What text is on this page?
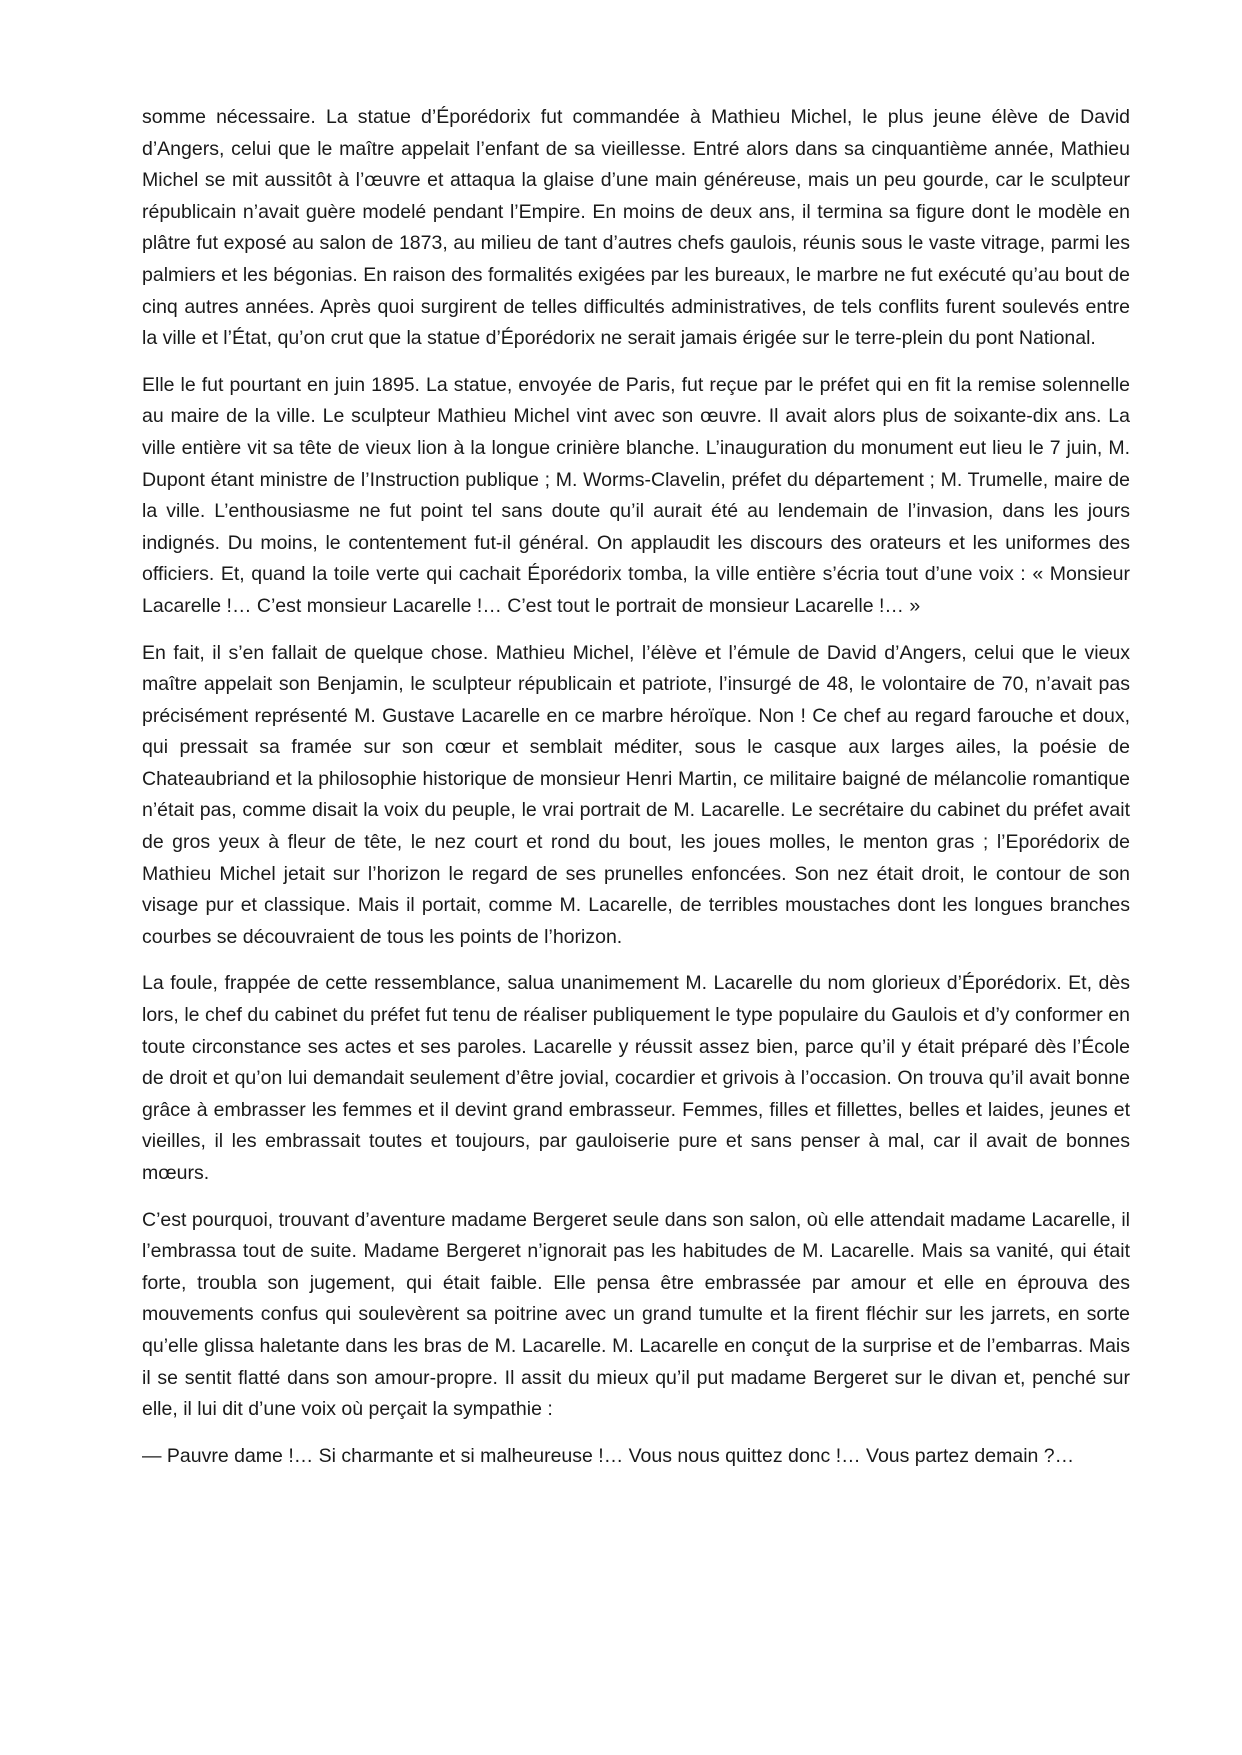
somme nécessaire. La statue d’Éporédorix fut commandée à Mathieu Michel, le plus jeune élève de David d’Angers, celui que le maître appelait l’enfant de sa vieillesse. Entré alors dans sa cinquantième année, Mathieu Michel se mit aussitôt à l’œuvre et attaqua la glaise d’une main généreuse, mais un peu gourde, car le sculpteur républicain n’avait guère modelé pendant l’Empire. En moins de deux ans, il termina sa figure dont le modèle en plâtre fut exposé au salon de 1873, au milieu de tant d’autres chefs gaulois, réunis sous le vaste vitrage, parmi les palmiers et les bégonias. En raison des formalités exigées par les bureaux, le marbre ne fut exécuté qu’au bout de cinq autres années. Après quoi surgirent de telles difficultés administratives, de tels conflits furent soulevés entre la ville et l’État, qu’on crut que la statue d’Éporédorix ne serait jamais érigée sur le terre-plein du pont National.

Elle le fut pourtant en juin 1895. La statue, envoyée de Paris, fut reçue par le préfet qui en fit la remise solennelle au maire de la ville. Le sculpteur Mathieu Michel vint avec son œuvre. Il avait alors plus de soixante-dix ans. La ville entière vit sa tête de vieux lion à la longue crinière blanche. L’inauguration du monument eut lieu le 7 juin, M. Dupont étant ministre de l’Instruction publique ; M. Worms-Clavelin, préfet du département ; M. Trumelle, maire de la ville. L’enthousiasme ne fut point tel sans doute qu’il aurait été au lendemain de l’invasion, dans les jours indignés. Du moins, le contentement fut-il général. On applaudit les discours des orateurs et les uniformes des officiers. Et, quand la toile verte qui cachait Éporédorix tomba, la ville entière s’écria tout d’une voix : « Monsieur Lacarelle !… C’est monsieur Lacarelle !… C’est tout le portrait de monsieur Lacarelle !… »

En fait, il s’en fallait de quelque chose. Mathieu Michel, l’élève et l’émule de David d’Angers, celui que le vieux maître appelait son Benjamin, le sculpteur républicain et patriote, l’insurgé de 48, le volontaire de 70, n’avait pas précisément représenté M. Gustave Lacarelle en ce marbre héroïque. Non ! Ce chef au regard farouche et doux, qui pressait sa framée sur son cœur et semblait méditer, sous le casque aux larges ailes, la poésie de Chateaubriand et la philosophie historique de monsieur Henri Martin, ce militaire baigné de mélancolie romantique n’était pas, comme disait la voix du peuple, le vrai portrait de M. Lacarelle. Le secrétaire du cabinet du préfet avait de gros yeux à fleur de tête, le nez court et rond du bout, les joues molles, le menton gras ; l’Eporédorix de Mathieu Michel jetait sur l’horizon le regard de ses prunelles enfoncées. Son nez était droit, le contour de son visage pur et classique. Mais il portait, comme M. Lacarelle, de terribles moustaches dont les longues branches courbes se découvraient de tous les points de l’horizon.

La foule, frappée de cette ressemblance, salua unanimement M. Lacarelle du nom glorieux d’Éporédorix. Et, dès lors, le chef du cabinet du préfet fut tenu de réaliser publiquement le type populaire du Gaulois et d’y conformer en toute circonstance ses actes et ses paroles. Lacarelle y réussit assez bien, parce qu’il y était préparé dès l’École de droit et qu’on lui demandait seulement d’être jovial, cocardier et grivois à l’occasion. On trouva qu’il avait bonne grâce à embrasser les femmes et il devint grand embrasseur. Femmes, filles et fillettes, belles et laides, jeunes et vieilles, il les embrassait toutes et toujours, par gauloiserie pure et sans penser à mal, car il avait de bonnes mœurs.

C’est pourquoi, trouvant d’aventure madame Bergeret seule dans son salon, où elle attendait madame Lacarelle, il l’embrassa tout de suite. Madame Bergeret n’ignorait pas les habitudes de M. Lacarelle. Mais sa vanité, qui était forte, troubla son jugement, qui était faible. Elle pensa être embrassée par amour et elle en éprouva des mouvements confus qui soulevèrent sa poitrine avec un grand tumulte et la firent fléchir sur les jarrets, en sorte qu’elle glissa haletante dans les bras de M. Lacarelle. M. Lacarelle en conçut de la surprise et de l’embarras. Mais il se sentit flatté dans son amour-propre. Il assit du mieux qu’il put madame Bergeret sur le divan et, penché sur elle, il lui dit d’une voix où perçait la sympathie :

— Pauvre dame !… Si charmante et si malheureuse !… Vous nous quittez donc !… Vous partez demain ?…
